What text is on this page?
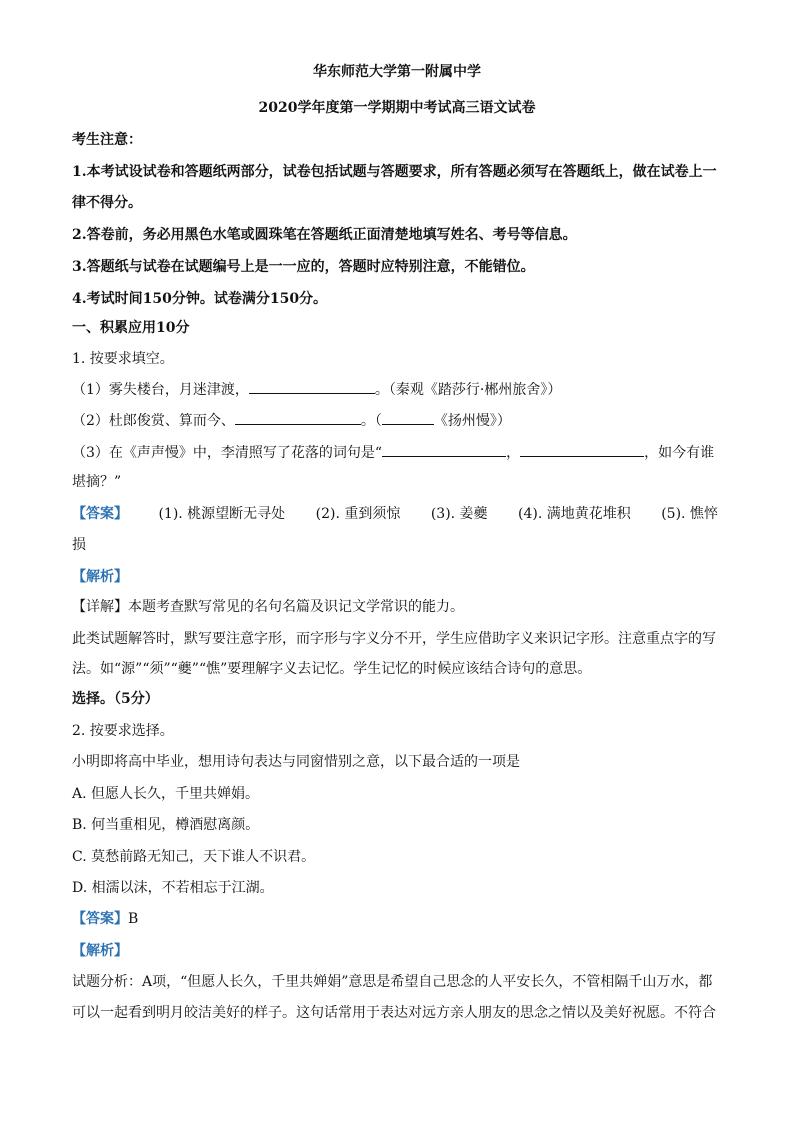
华东师范大学第一附属中学
2020学年度第一学期期中考试高三语文试卷
考生注意：
1.本考试设试卷和答题纸两部分，试卷包括试题与答题要求，所有答题必须写在答题纸上，做在试卷上一
律不得分。
2.答卷前，务必用黑色水笔或圆珠笔在答题纸正面清楚地填写姓名、考号等信息。
3.答题纸与试卷在试题编号上是一一应的，答题时应特别注意，不能错位。
4.考试时间150分钟。试卷满分150分。
一、积累应用10分
1. 按要求填空。
（1）雾失楼台，月迷津渡，	。（秦观《踏莎行·郴州旅舍》）
（2）杜郎俊赏、算而今、	。（	《扬州慢》）
（3）在《声声慢》中，李清照写了花落的词句是“	，	，如今有谁
堪摘？”
【答案】 (1). 桃源望断无寻处 (2). 重到须惊 (3). 姜夔 (4). 满地黄花堆积 (5). 憔悴
损
【解析】
【详解】本题考查默写常见的名句名篇及识记文学常识的能力。
此类试题解答时，默写要注意字形，而字形与字义分不开，学生应借助字义来识记字形。注意重点字的写
法。如“源”“须”“夔”“憔”要理解字义去记忆。学生记忆的时候应该结合诗句的意思。
选择。（5分）
2. 按要求选择。
小明即将高中毕业，想用诗句表达与同窗惜别之意，以下最合适的一项是
A. 但愿人长久，千里共婵娟。
B. 何当重相见，樽酒慰离颜。
C. 莫愁前路无知己，天下谁人不识君。
D. 相濡以沫，不若相忘于江湖。
【答案】B
【解析】
试题分析：A项，“但愿人长久，千里共婵娟”意思是希望自己思念的人平安长久，不管相隔千山万水，都
可以一起看到明月皎洁美好的样子。这句话常用于表达对远方亲人朋友的思念之情以及美好祝愿。不符合
